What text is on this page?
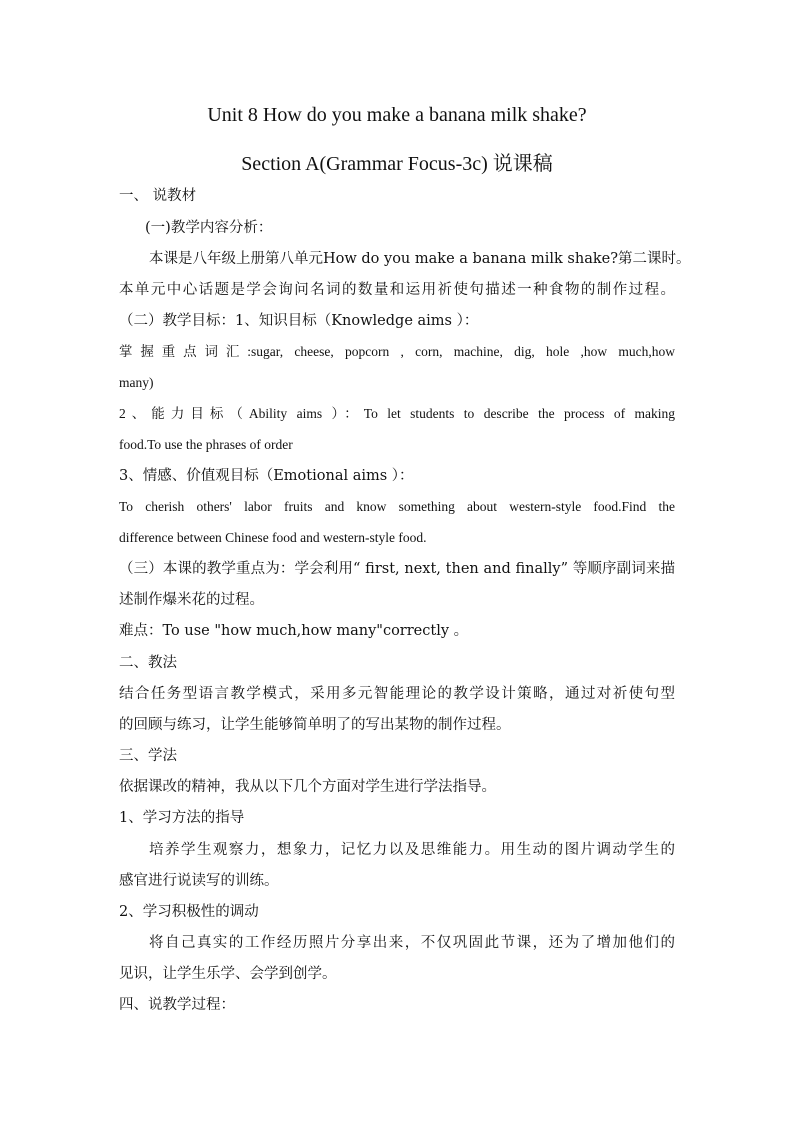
Unit 8 How do you make a banana milk shake?
Section A(Grammar Focus-3c) 说课稿
一、 说教材
(一)教学内容分析：
本课是八年级上册第八单元How do you make a banana milk shake?第二课时。
本单元中心话题是学会询问名词的数量和运用祈使句描述一种食物的制作过程。
（二）教学目标：1、知识目标（Knowledge aims ）：
掌握重点词汇:sugar, cheese, popcorn , corn, machine, dig, hole ,how much,how
many)
2、能力目标（Ability aims ）：To let students to describe the process of making
food.To use the phrases of order
3、情感、价值观目标（Emotional aims ）：
To cherish others' labor fruits and know something about western-style food.Find the
difference between Chinese food and western-style food.
（三）本课的教学重点为：学会利用“ first, next, then and finally” 等顺序副词来描
述制作爆米花的过程。
难点：To use "how much,how many"correctly 。
二、教法
结合任务型语言教学模式，采用多元智能理论的教学设计策略，通过对祈使句型
的回顾与练习，让学生能够简单明了的写出某物的制作过程。
三、学法
依据课改的精神，我从以下几个方面对学生进行学法指导。
1、学习方法的指导
培养学生观察力，想象力，记忆力以及思维能力。用生动的图片调动学生的
感官进行说读写的训练。
2、学习积极性的调动
将自己真实的工作经历照片分享出来，不仅巩固此节课，还为了增加他们的
见识，让学生乐学、会学到创学。
四、说教学过程：
